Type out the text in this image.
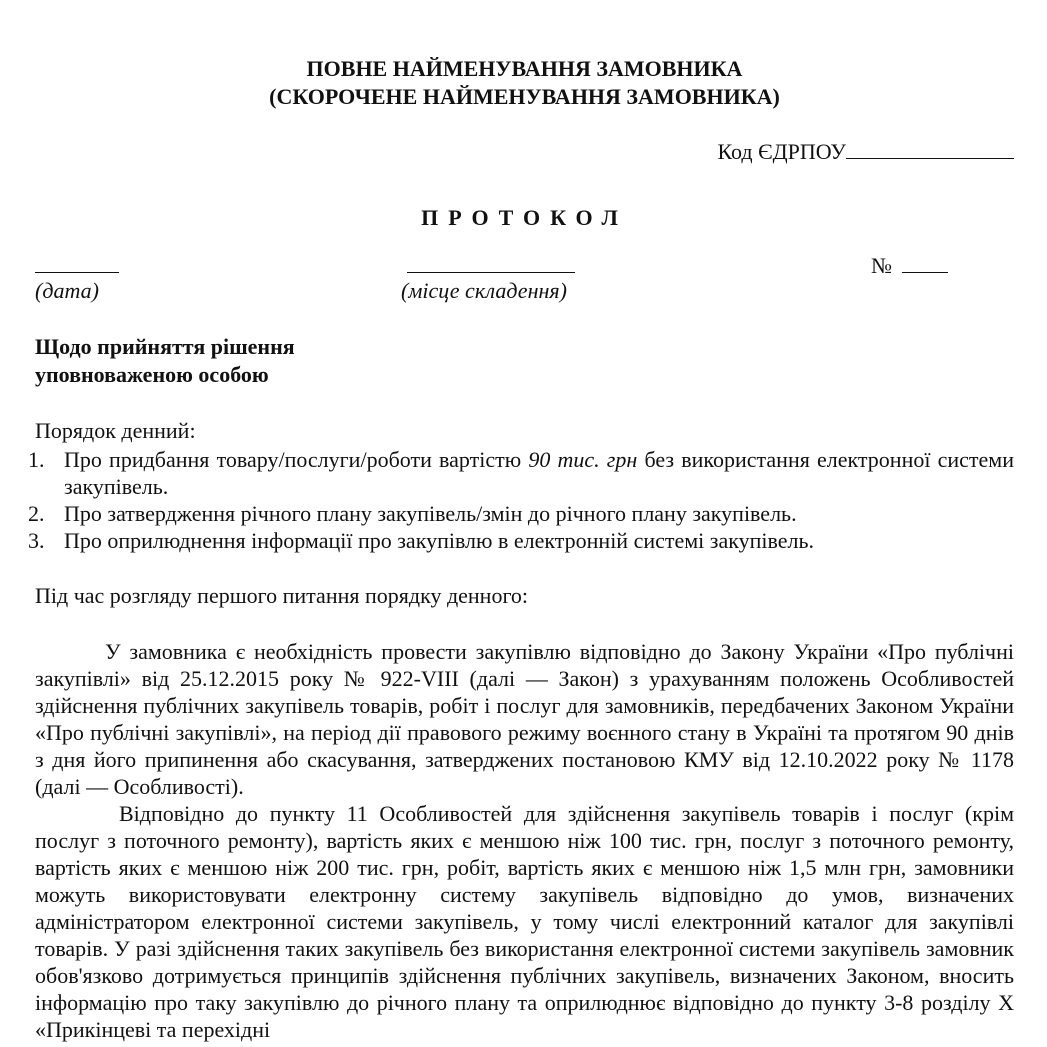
ПОВНЕ НАЙМЕНУВАННЯ ЗАМОВНИКА
(СКОРОЧЕНЕ НАЙМЕНУВАННЯ ЗАМОВНИКА)
Код ЄДРПОУ
ПРОТОКОЛ
(дата)	(місце складення)
№
Щодо прийняття рішення
уповноваженою особою
Порядок денний:
1. Про придбання товару/послуги/роботи вартістю 90 тис. грн без використання електронної системи закупівель.
2. Про затвердження річного плану закупівель/змін до річного плану закупівель.
3. Про оприлюднення інформації про закупівлю в електронній системі закупівель.
Під час розгляду першого питання порядку денного:
У замовника є необхідність провести закупівлю відповідно до Закону України «Про публічні закупівлі» від 25.12.2015 року № 922-VIII (далі — Закон) з урахуванням положень Особливостей здійснення публічних закупівель товарів, робіт і послуг для замовників, передбачених Законом України «Про публічні закупівлі», на період дії правового режиму воєнного стану в Україні та протягом 90 днів з дня його припинення або скасування, затверджених постановою КМУ від 12.10.2022 року № 1178 (далі — Особливості).
Відповідно до пункту 11 Особливостей для здійснення закупівель товарів і послуг (крім послуг з поточного ремонту), вартість яких є меншою ніж 100 тис. грн, послуг з поточного ремонту, вартість яких є меншою ніж 200 тис. грн, робіт, вартість яких є меншою ніж 1,5 млн грн, замовники можуть використовувати електронну систему закупівель відповідно до умов, визначених адміністратором електронної системи закупівель, у тому числі електронний каталог для закупівлі товарів. У разі здійснення таких закупівель без використання електронної системи закупівель замовник обов'язково дотримується принципів здійснення публічних закупівель, визначених Законом, вносить інформацію про таку закупівлю до річного плану та оприлюднює відповідно до пункту 3-8 розділу X «Прикінцеві та перехідні
